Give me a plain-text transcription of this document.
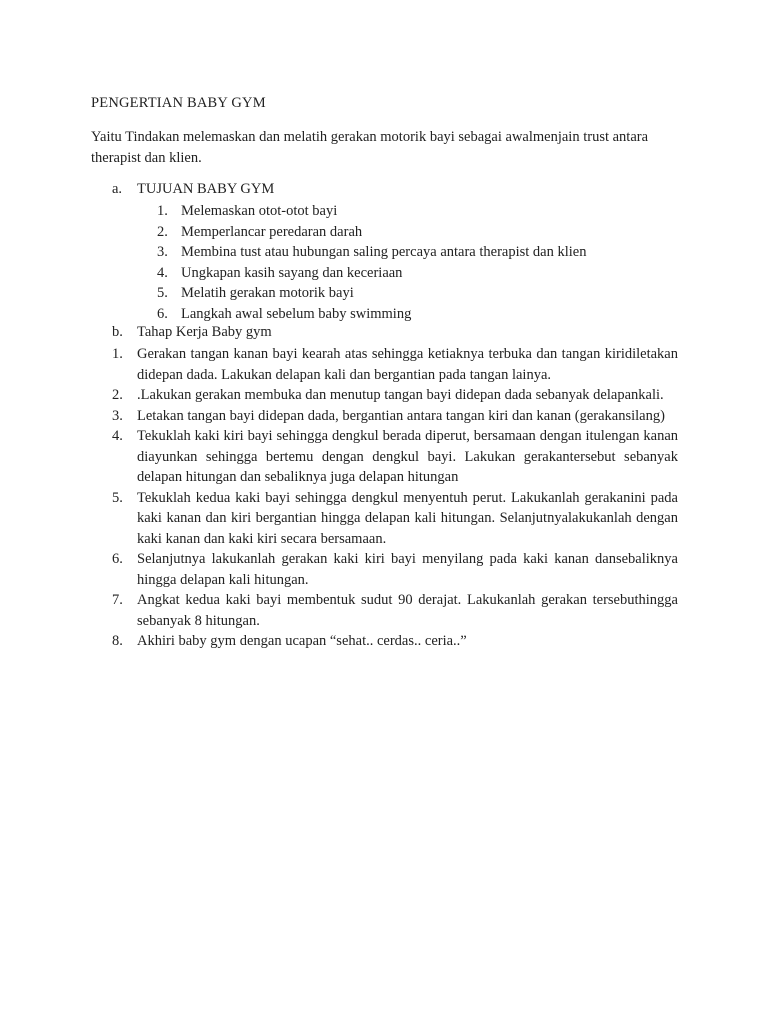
PENGERTIAN BABY GYM
Yaitu Tindakan melemaskan dan melatih gerakan motorik bayi sebagai awalmenjain trust antara therapist dan klien.
a.	TUJUAN BABY GYM
1. Melemaskan otot-otot bayi
2. Memperlancar peredaran darah
3. Membina tust atau hubungan saling percaya antara therapist dan klien
4. Ungkapan kasih sayang dan keceriaan
5. Melatih gerakan motorik bayi
6. Langkah awal sebelum baby swimming
b. Tahap Kerja Baby gym
1. Gerakan tangan kanan bayi kearah atas sehingga ketiaknya terbuka dan tangan kiridiletakan didepan dada. Lakukan delapan kali dan bergantian pada tangan lainya.
2. .Lakukan gerakan membuka dan menutup tangan bayi didepan dada sebanyak delapankali.
3. Letakan tangan bayi didepan dada, bergantian antara tangan kiri dan kanan (gerakansilang)
4. Tekuklah kaki kiri bayi sehingga dengkul berada diperut, bersamaan dengan itulengan kanan diayunkan sehingga bertemu dengan dengkul bayi. Lakukan gerakantersebut sebanyak delapan hitungan dan sebaliknya juga delapan hitungan
5. Tekuklah kedua kaki bayi sehingga dengkul menyentuh perut. Lakukanlah gerakanini pada kaki kanan dan kiri bergantian hingga delapan kali hitungan. Selanjutnyalakukanlah dengan kaki kanan dan kaki kiri secara bersamaan.
6. Selanjutnya lakukanlah gerakan kaki kiri bayi menyilang pada kaki kanan dansebaliknya hingga delapan kali hitungan.
7. Angkat kedua kaki bayi membentuk sudut 90 derajat. Lakukanlah gerakan tersebuthingga sebanyak 8 hitungan.
8. Akhiri baby gym dengan ucapan “sehat.. cerdas.. ceria..”
